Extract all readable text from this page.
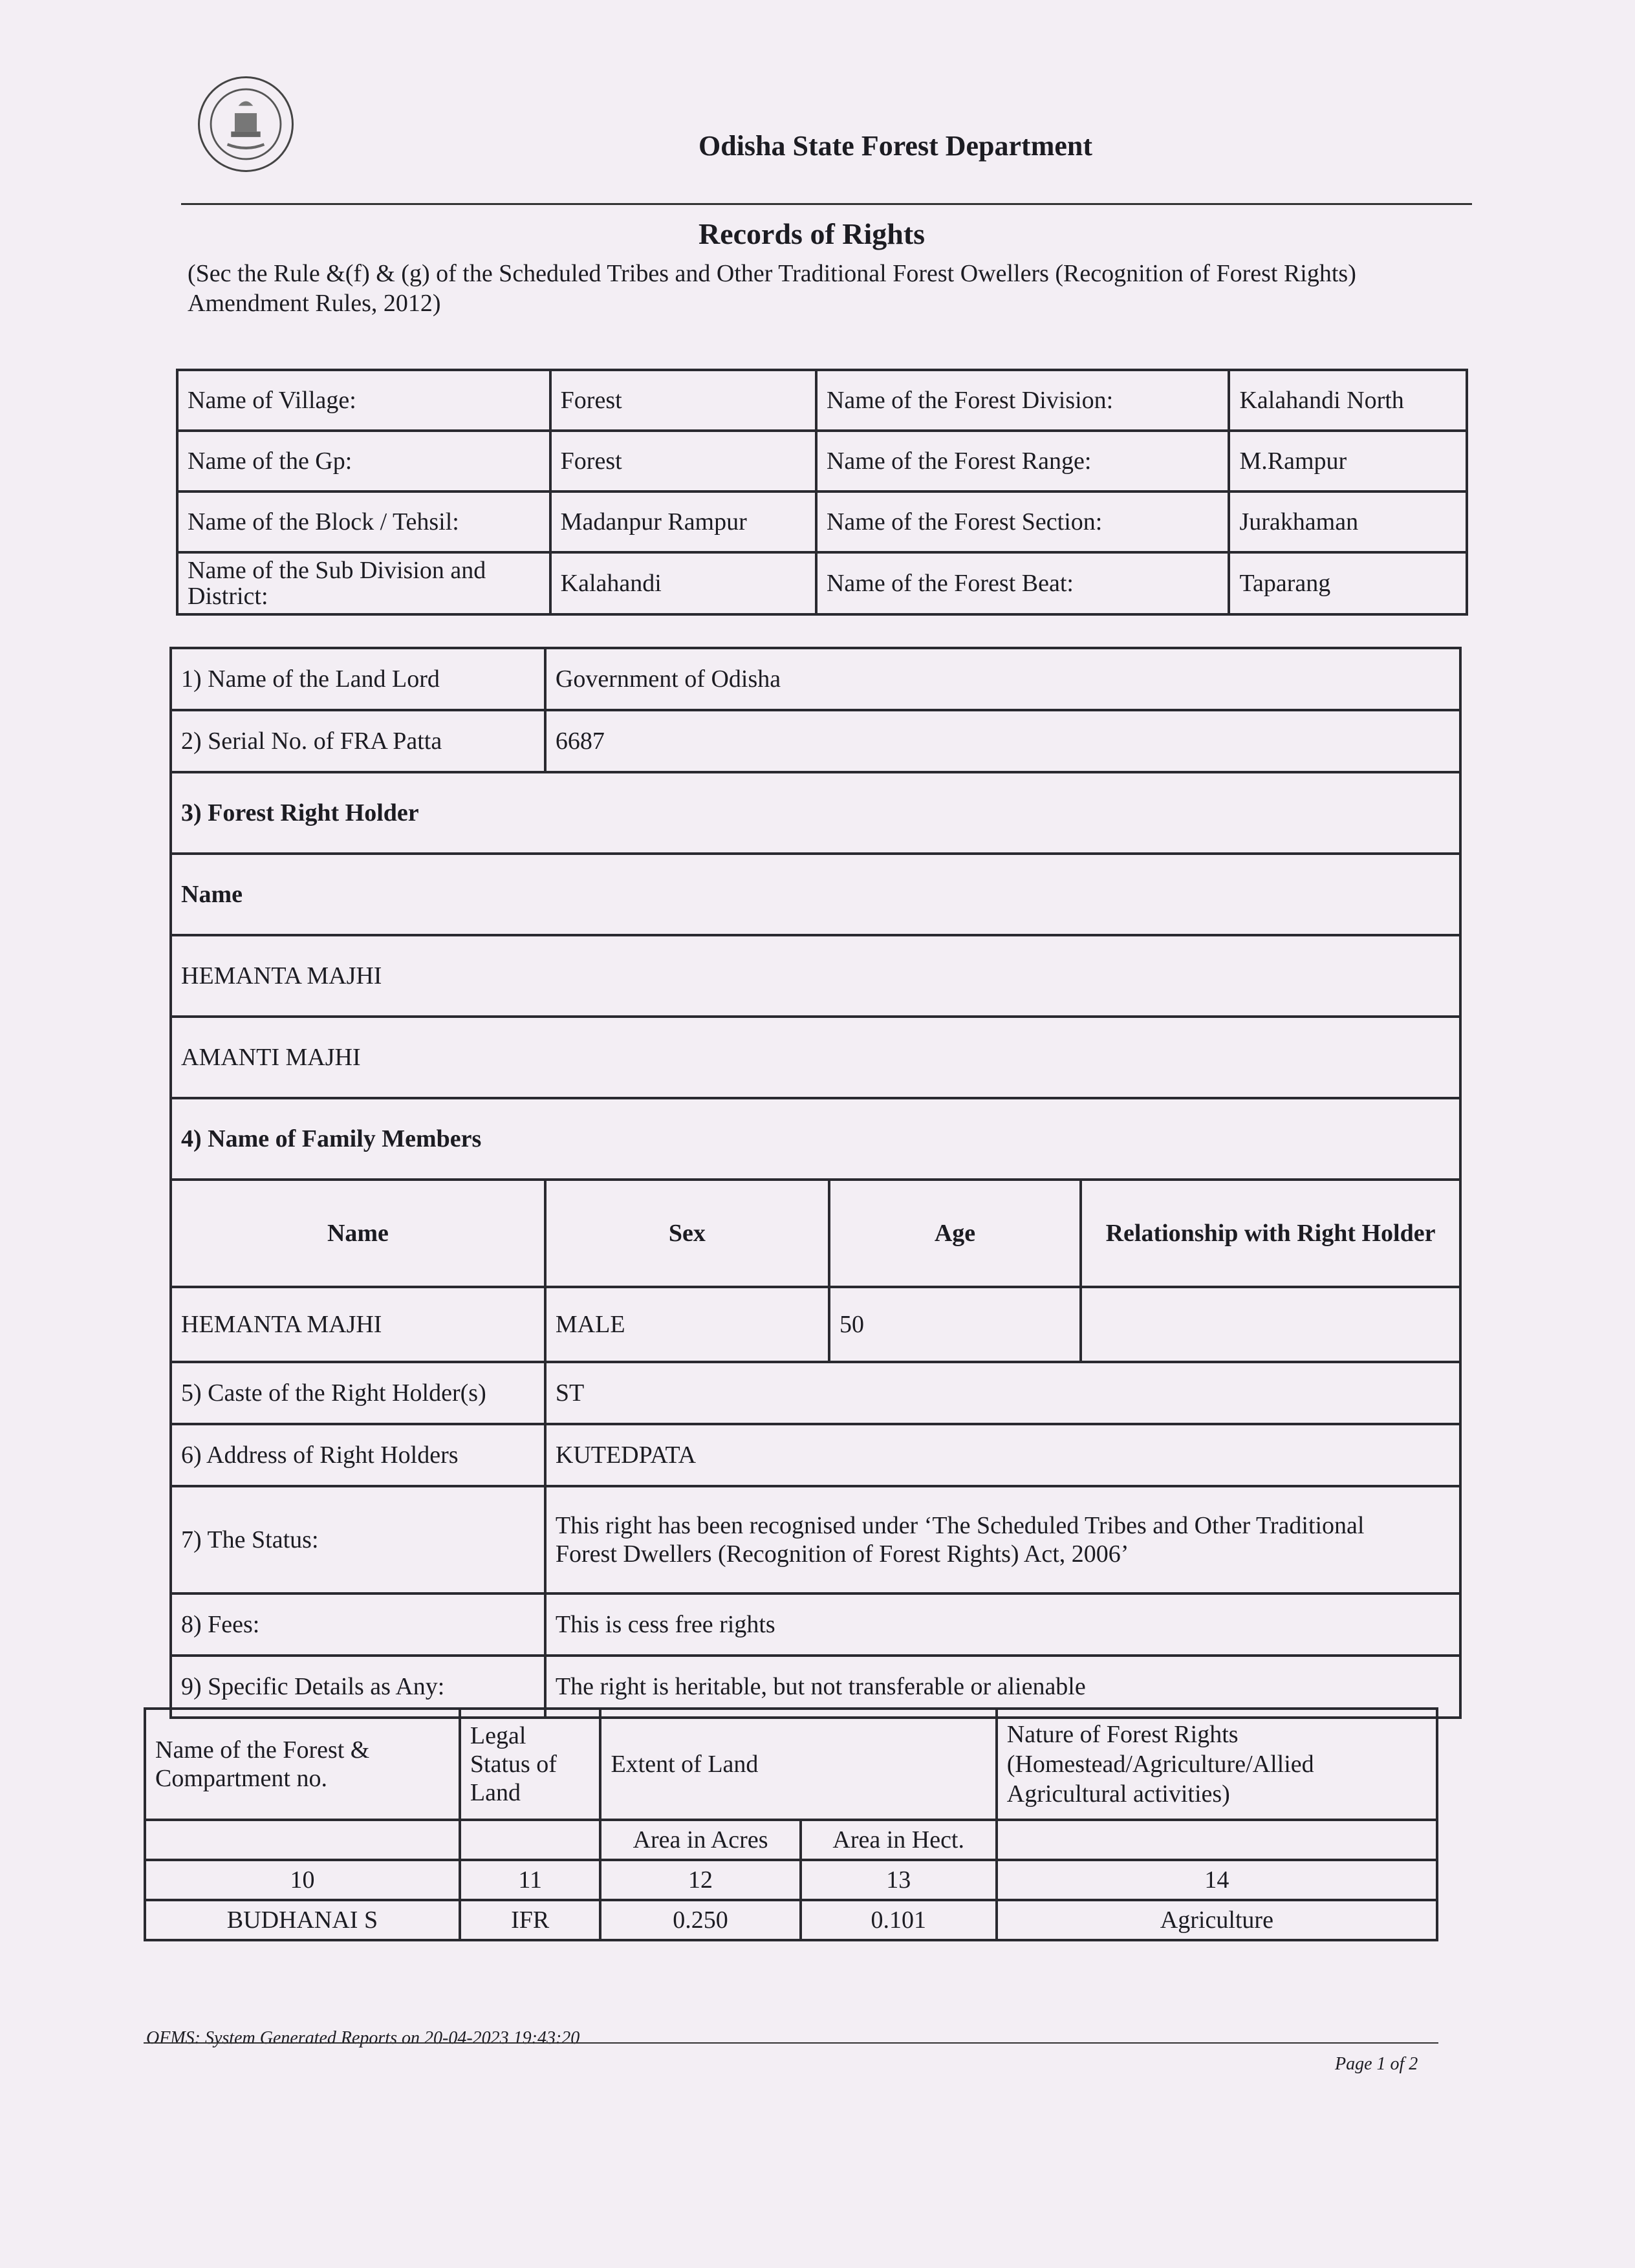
Odisha State Forest Department
Records of Rights
(Sec the Rule &(f) & (g) of the Scheduled Tribes and Other Traditional Forest Owellers (Recognition of Forest Rights) Amendment Rules, 2012)
Name of Village:	Forest	Name of the Forest Division:	Kalahandi North
Name of the Gp:	Forest	Name of the Forest Range:	M.Rampur
Name of the Block / Tehsil:	Madanpur Rampur	Name of the Forest Section:	Jurakhaman
Name of the Sub Division and District:	Kalahandi	Name of the Forest Beat:	Taparang
1) Name of the Land Lord	Government of Odisha		
2) Serial No. of FRA Patta	6687		
3) Forest Right Holder			
Name			
HEMANTA MAJHI			
AMANTI MAJHI			
4) Name of Family Members			
Name	Sex	Age	Relationship with Right Holder
HEMANTA MAJHI	MALE	50	
5) Caste of the Right Holder(s)	ST		
6) Address of Right Holders	KUTEDPATA		
7) The Status:	This right has been recognised under ‘The Scheduled Tribes and Other Traditional
Forest Dwellers (Recognition of Forest Rights) Act, 2006’		

8) Fees:	This is cess free rights		
9) Specific Details as Any:	The right is heritable, but not transferable or alienable		
Name of the Forest & Compartment no.	Legal Status of Land	Extent of Land		Nature of Forest Rights (Homestead/Agriculture/Allied Agricultural activities)
		Area in Acres	Area in Hect.	
10	11	12	13	14
BUDHANAI S	IFR	0.250	0.101	Agriculture
OFMS: System Generated Reports on 20-04-2023 19:43:20
Page 1 of 2
